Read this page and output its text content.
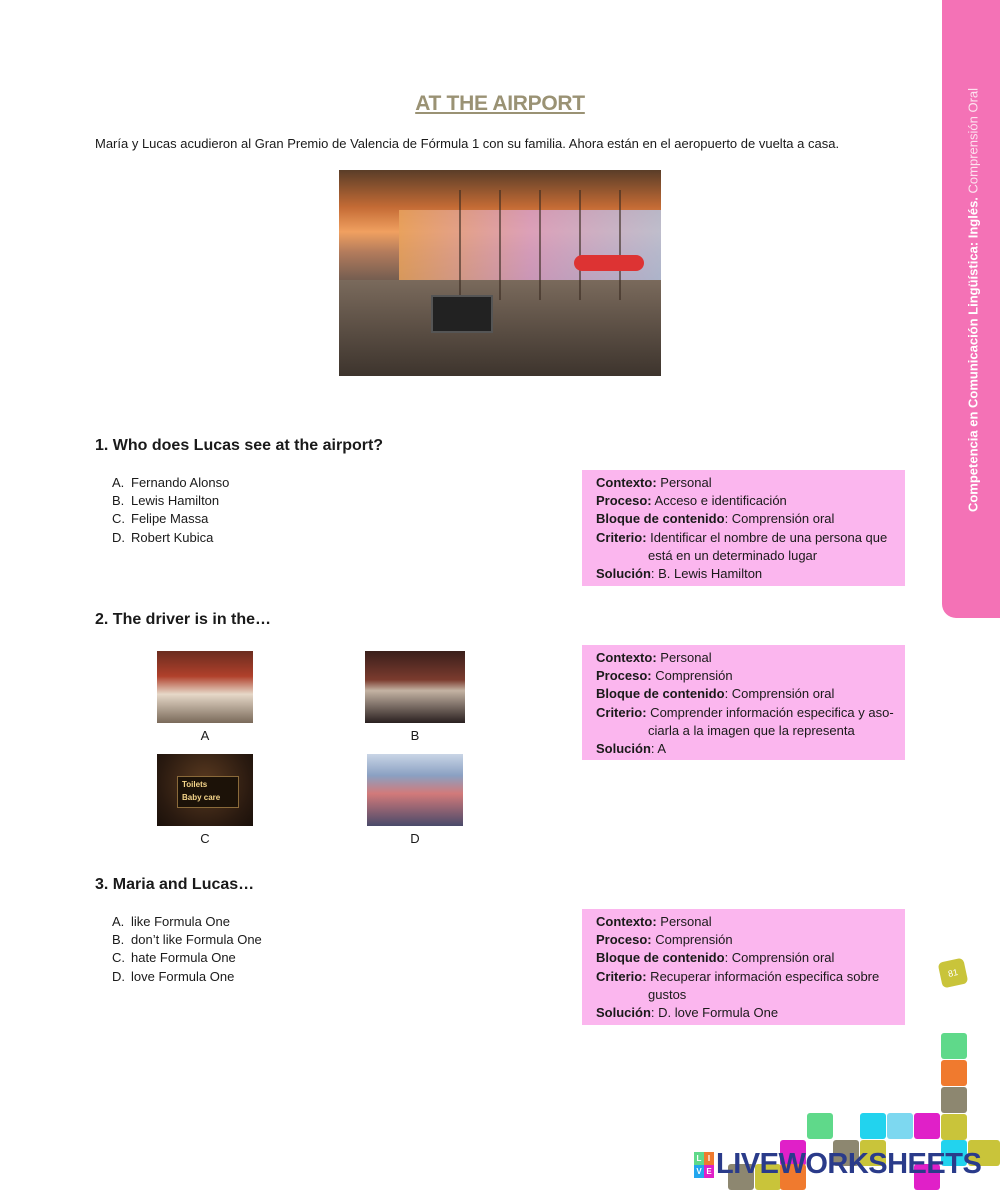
Competencia en Comunicación Lingüística: Inglés. Comprensión Oral
AT THE AIRPORT
María y Lucas acudieron al Gran Premio de Valencia de Fórmula 1 con su familia. Ahora están en el aeropuerto de vuelta a casa.
1. Who does Lucas see at the airport?
A. Fernando Alonso
B. Lewis Hamilton
C. Felipe Massa
D. Robert Kubica
Contexto: Personal
Proceso: Acceso e identificación
Bloque de contenido: Comprensión oral
Criterio: Identificar el nombre de una persona que
está en un determinado lugar
Solución: B. Lewis Hamilton
2. The driver is in the…
A	B
Toilets
Baby care
C	D
Contexto: Personal
Proceso: Comprensión
Bloque de contenido: Comprensión oral
Criterio: Comprender información especifica y aso-
ciarla a la imagen que la representa
Solución: A
3. Maria and Lucas…
A. like Formula One
B. don’t like Formula One
C. hate Formula One
D. love Formula One
Contexto: Personal
Proceso: Comprensión
Bloque de contenido: Comprensión oral
Criterio: Recuperar información especifica sobre
gustos
Solución: D. love Formula One
81
L I
V E LIVEWORKSHEETS
